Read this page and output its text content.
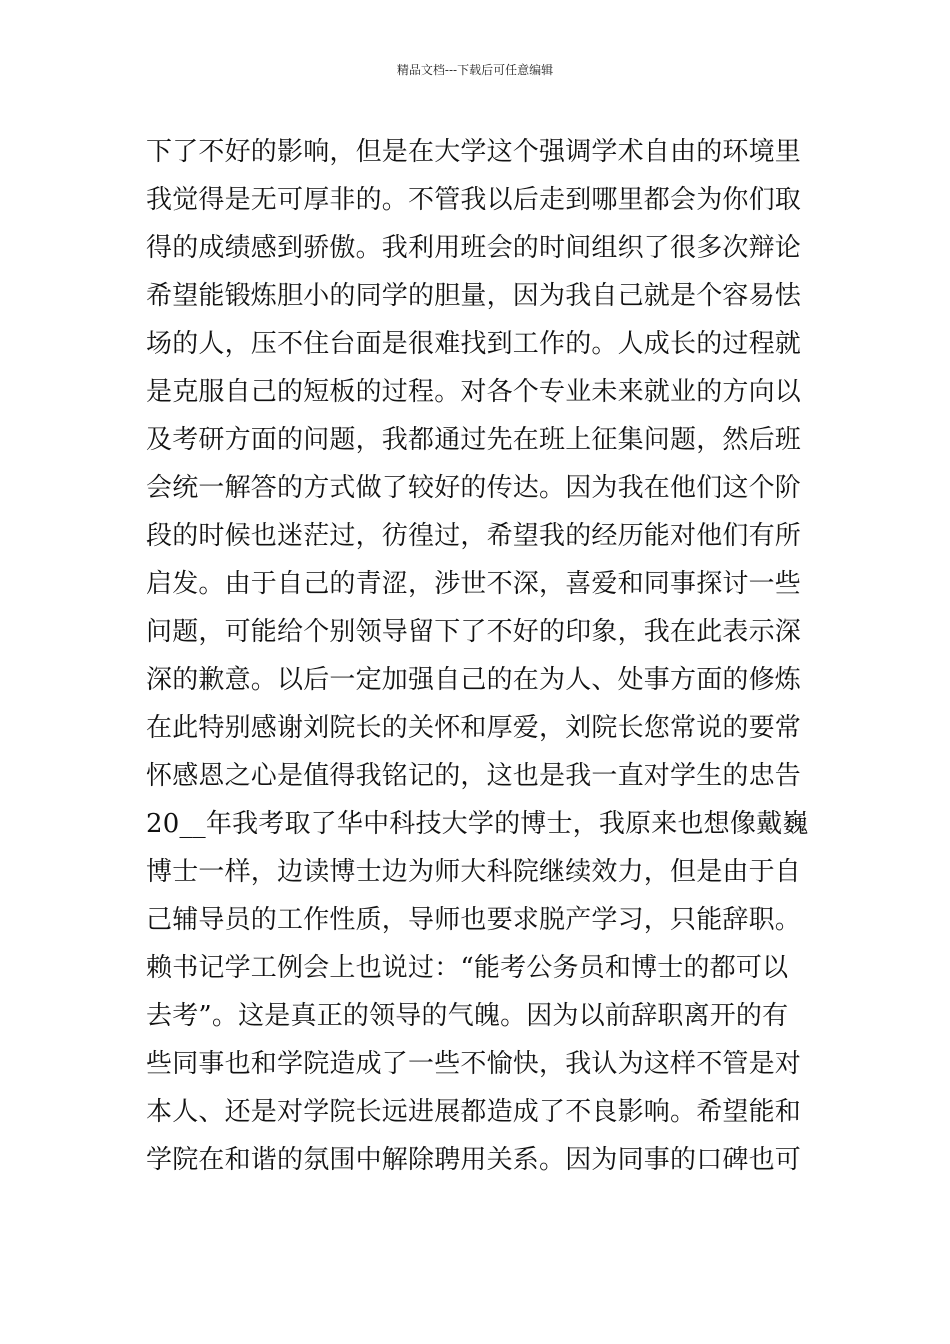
精品文档---下载后可任意编辑
下了不好的影响，但是在大学这个强调学术自由的环境里
我觉得是无可厚非的。不管我以后走到哪里都会为你们取
得的成绩感到骄傲。我利用班会的时间组织了很多次辩论
希望能锻炼胆小的同学的胆量，因为我自己就是个容易怯
场的人，压不住台面是很难找到工作的。人成长的过程就
是克服自己的短板的过程。对各个专业未来就业的方向以
及考研方面的问题，我都通过先在班上征集问题，然后班
会统一解答的方式做了较好的传达。因为我在他们这个阶
段的时候也迷茫过，彷徨过，希望我的经历能对他们有所
启发。由于自己的青涩，涉世不深，喜爱和同事探讨一些
问题，可能给个别领导留下了不好的印象，我在此表示深
深的歉意。以后一定加强自己的在为人、处事方面的修炼
在此特别感谢刘院长的关怀和厚爱，刘院长您常说的要常
怀感恩之心是值得我铭记的，这也是我一直对学生的忠告
20__年我考取了华中科技大学的博士，我原来也想像戴巍
博士一样，边读博士边为师大科院继续效力，但是由于自
己辅导员的工作性质，导师也要求脱产学习，只能辞职。
赖书记学工例会上也说过：“能考公务员和博士的都可以
去考”。这是真正的领导的气魄。因为以前辞职离开的有
些同事也和学院造成了一些不愉快，我认为这样不管是对
本人、还是对学院长远进展都造成了不良影响。希望能和
学院在和谐的氛围中解除聘用关系。因为同事的口碑也可
